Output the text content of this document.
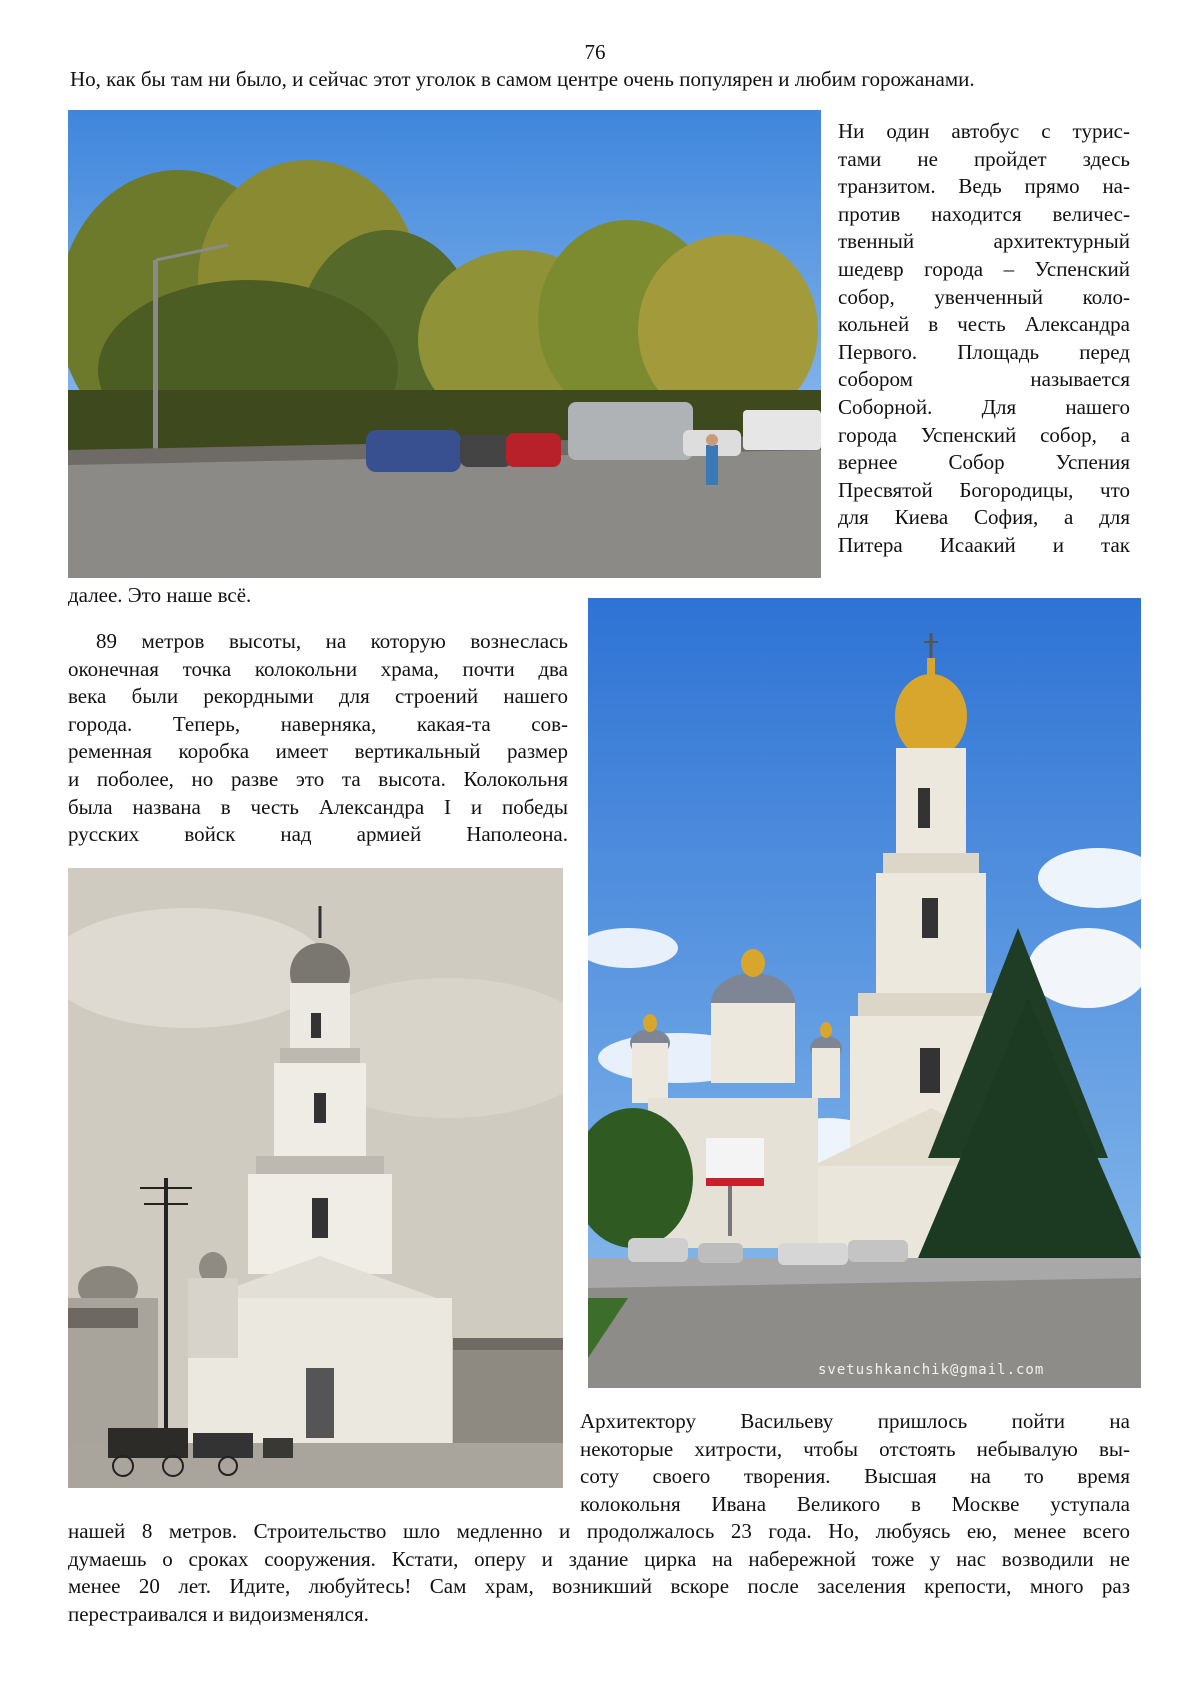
76
Но, как бы там ни было, и сейчас этот уголок в самом центре очень популярен и любим горожанами.
Ни один автобус с турис-
тами не пройдет здесь
транзитом. Ведь прямо на-
против находится величес-
твенный архитектурный
шедевр города – Успенский
собор, увенченный коло-
кольней в честь Александра
Первого. Площадь перед
собором называется
Соборной. Для нашего
города Успенский собор, а
вернее Собор Успения
Пресвятой Богородицы, что
для Киева София, а для
Питера Исаакий и так
далее. Это наше всё.
89 метров высоты, на которую вознеслась
оконечная точка колокольни храма, почти два
века были рекордными для строений нашего
города. Теперь, наверняка, какая-та сов-
ременная коробка имеет вертикальный размер
и поболее, но разве это та высота. Колокольня
была названа в честь Александра I и победы
русских войск над армией Наполеона.
svetushkanchik@gmail.com
Архитектору Васильеву пришлось пойти на
некоторые хитрости, чтобы отстоять небывалую вы-
соту своего творения. Высшая на то время
колокольня Ивана Великого в Москве уступала
нашей 8 метров. Строительство шло медленно и продолжалось 23 года. Но, любуясь ею, менее всего
думаешь о сроках сооружения. Кстати, оперу и здание цирка на набережной тоже у нас возводили не
менее 20 лет. Идите, любуйтесь! Сам храм, возникший вскоре после заселения крепости, много раз
перестраивался и видоизменялся.
